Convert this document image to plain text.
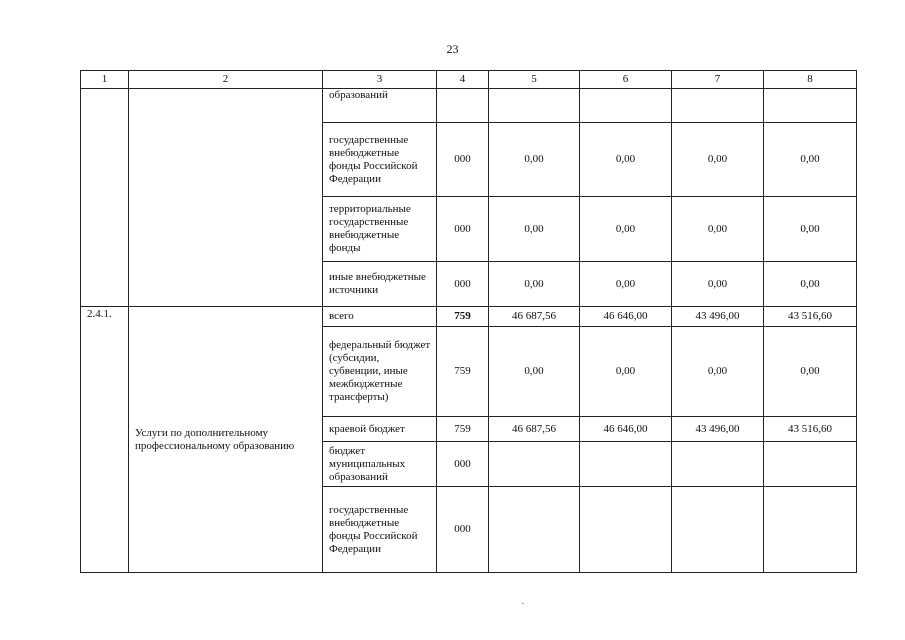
23
1	2	3	4	5	6	7	8
		образований					
		государственные внебюджетные фонды Российской Федерации	000	0,00	0,00	0,00	0,00
		территориальные государственные внебюджетные фонды	000	0,00	0,00	0,00	0,00
		иные внебюджетные источники	000	0,00	0,00	0,00	0,00
2.4.1.	Услуги по дополнительному профессиональному образованию	всего	759	46 687,56	46 646,00	43 496,00	43 516,60
		федеральный бюджет (субсидии, субвенции, иные межбюджетные трансферты)	759	0,00	0,00	0,00	0,00
		краевой бюджет	759	46 687,56	46 646,00	43 496,00	43 516,60
		бюджет муниципальных образований	000				
		государственные внебюджетные фонды Российской Федерации	000				
